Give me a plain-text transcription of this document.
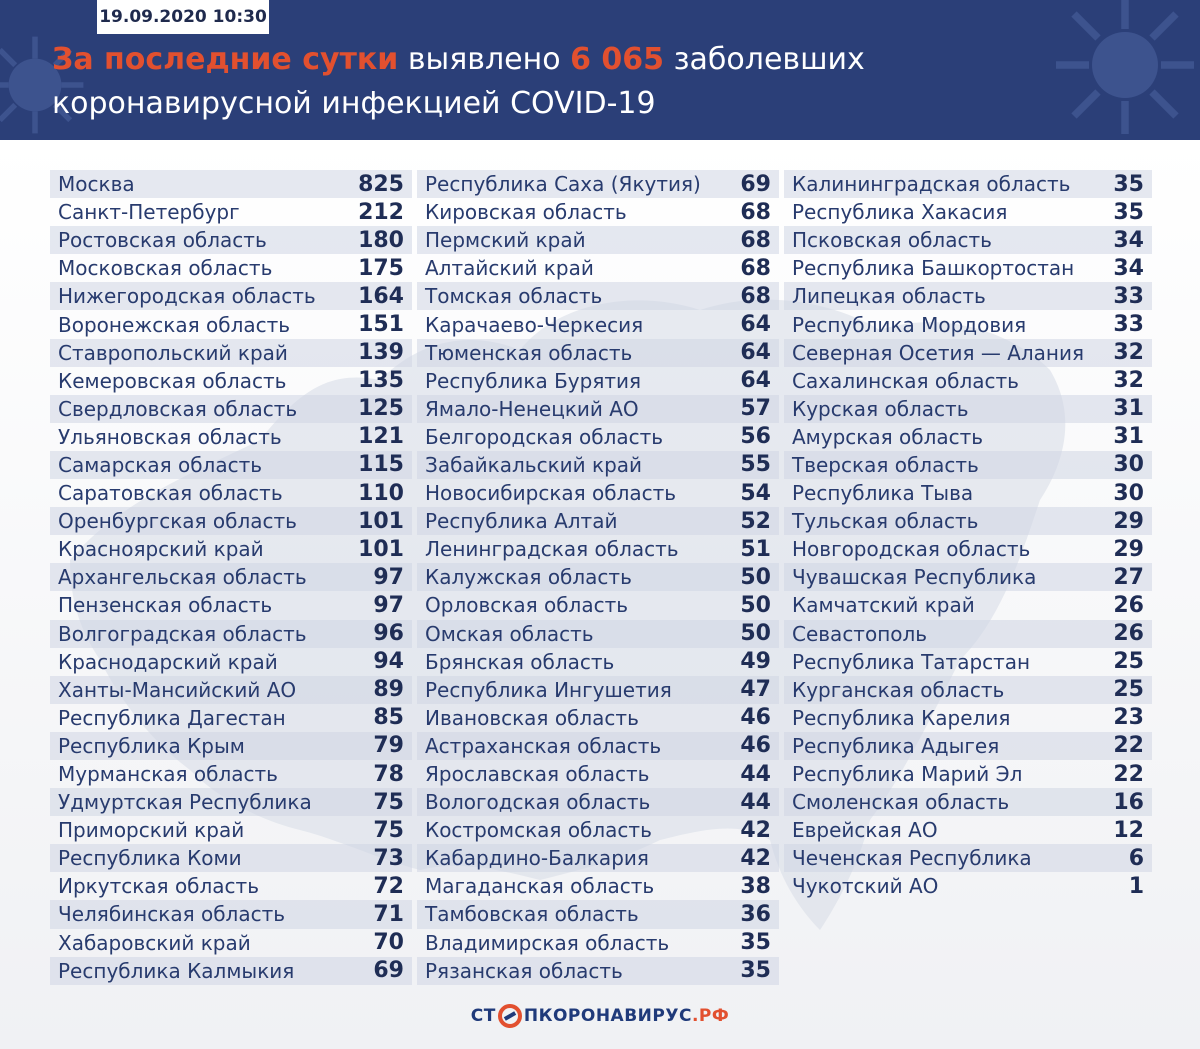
19.09.2020 10:30
За последние сутки выявлено 6 065 заболевших
коронавирусной инфекцией COVID-19
Москва	825
Санкт-Петербург	212
Ростовская область	180
Московская область	175
Нижегородская область 164
Воронежская область	151
Ставропольский край	139
Кемеровская область	135
Свердловская область	125
Ульяновская область	121
Самарская область	115
Саратовская область	110
Оренбургская область	101
Красноярский край	101
Архангельская область	97
Пензенская область	97
Волгоградская область	96
Краснодарский край	94
Ханты-Мансийский АО	89
Республика Дагестан	85
Республика Крым	79
Мурманская область	78
Удмуртская Республика	75
Приморский край	75
Республика Коми	73
Иркутская область	72
Челябинская область	71
Хабаровский край	70
Республика Калмыкия	69
Республика Саха (Якутия) 69
Кировская область	68
Пермский край	68
Алтайский край	68
Томская область	68
Карачаево-Черкесия	64
Тюменская область	64
Республика Бурятия	64
Ямало-Ненецкий АО	57
Белгородская область	56
Забайкальский край	55
Новосибирская область	54
Республика Алтай	52
Ленинградская область	51
Калужская область	50
Орловская область	50
Омская область	50
Брянская область	49
Республика Ингушетия	47
Ивановская область	46
Астраханская область	46
Ярославская область	44
Вологодская область	44
Костромская область	42
Кабардино-Балкария	42
Магаданская область	38
Тамбовская область	36
Владимирская область	35
Рязанская область	35
Калининградская область 35
Республика Хакасия	35
Псковская область	34
Республика Башкортостан 34
Липецкая область	33
Республика Мордовия	33
Северная Осетия — Алания 32
Сахалинская область	32
Курская область	31
Амурская область	31
Тверская область	30
Республика Тыва	30
Тульская область	29
Новгородская область	29
Чувашская Республика	27
Камчатский край	26
Севастополь	26
Республика Татарстан	25
Курганская область	25
Республика Карелия	23
Республика Адыгея	22
Республика Марий Эл	22
Смоленская область	16
Еврейская АО	12
Чеченская Республика	6
Чукотский АО	1
СТ ПКОРОНАВИРУС .РФ
